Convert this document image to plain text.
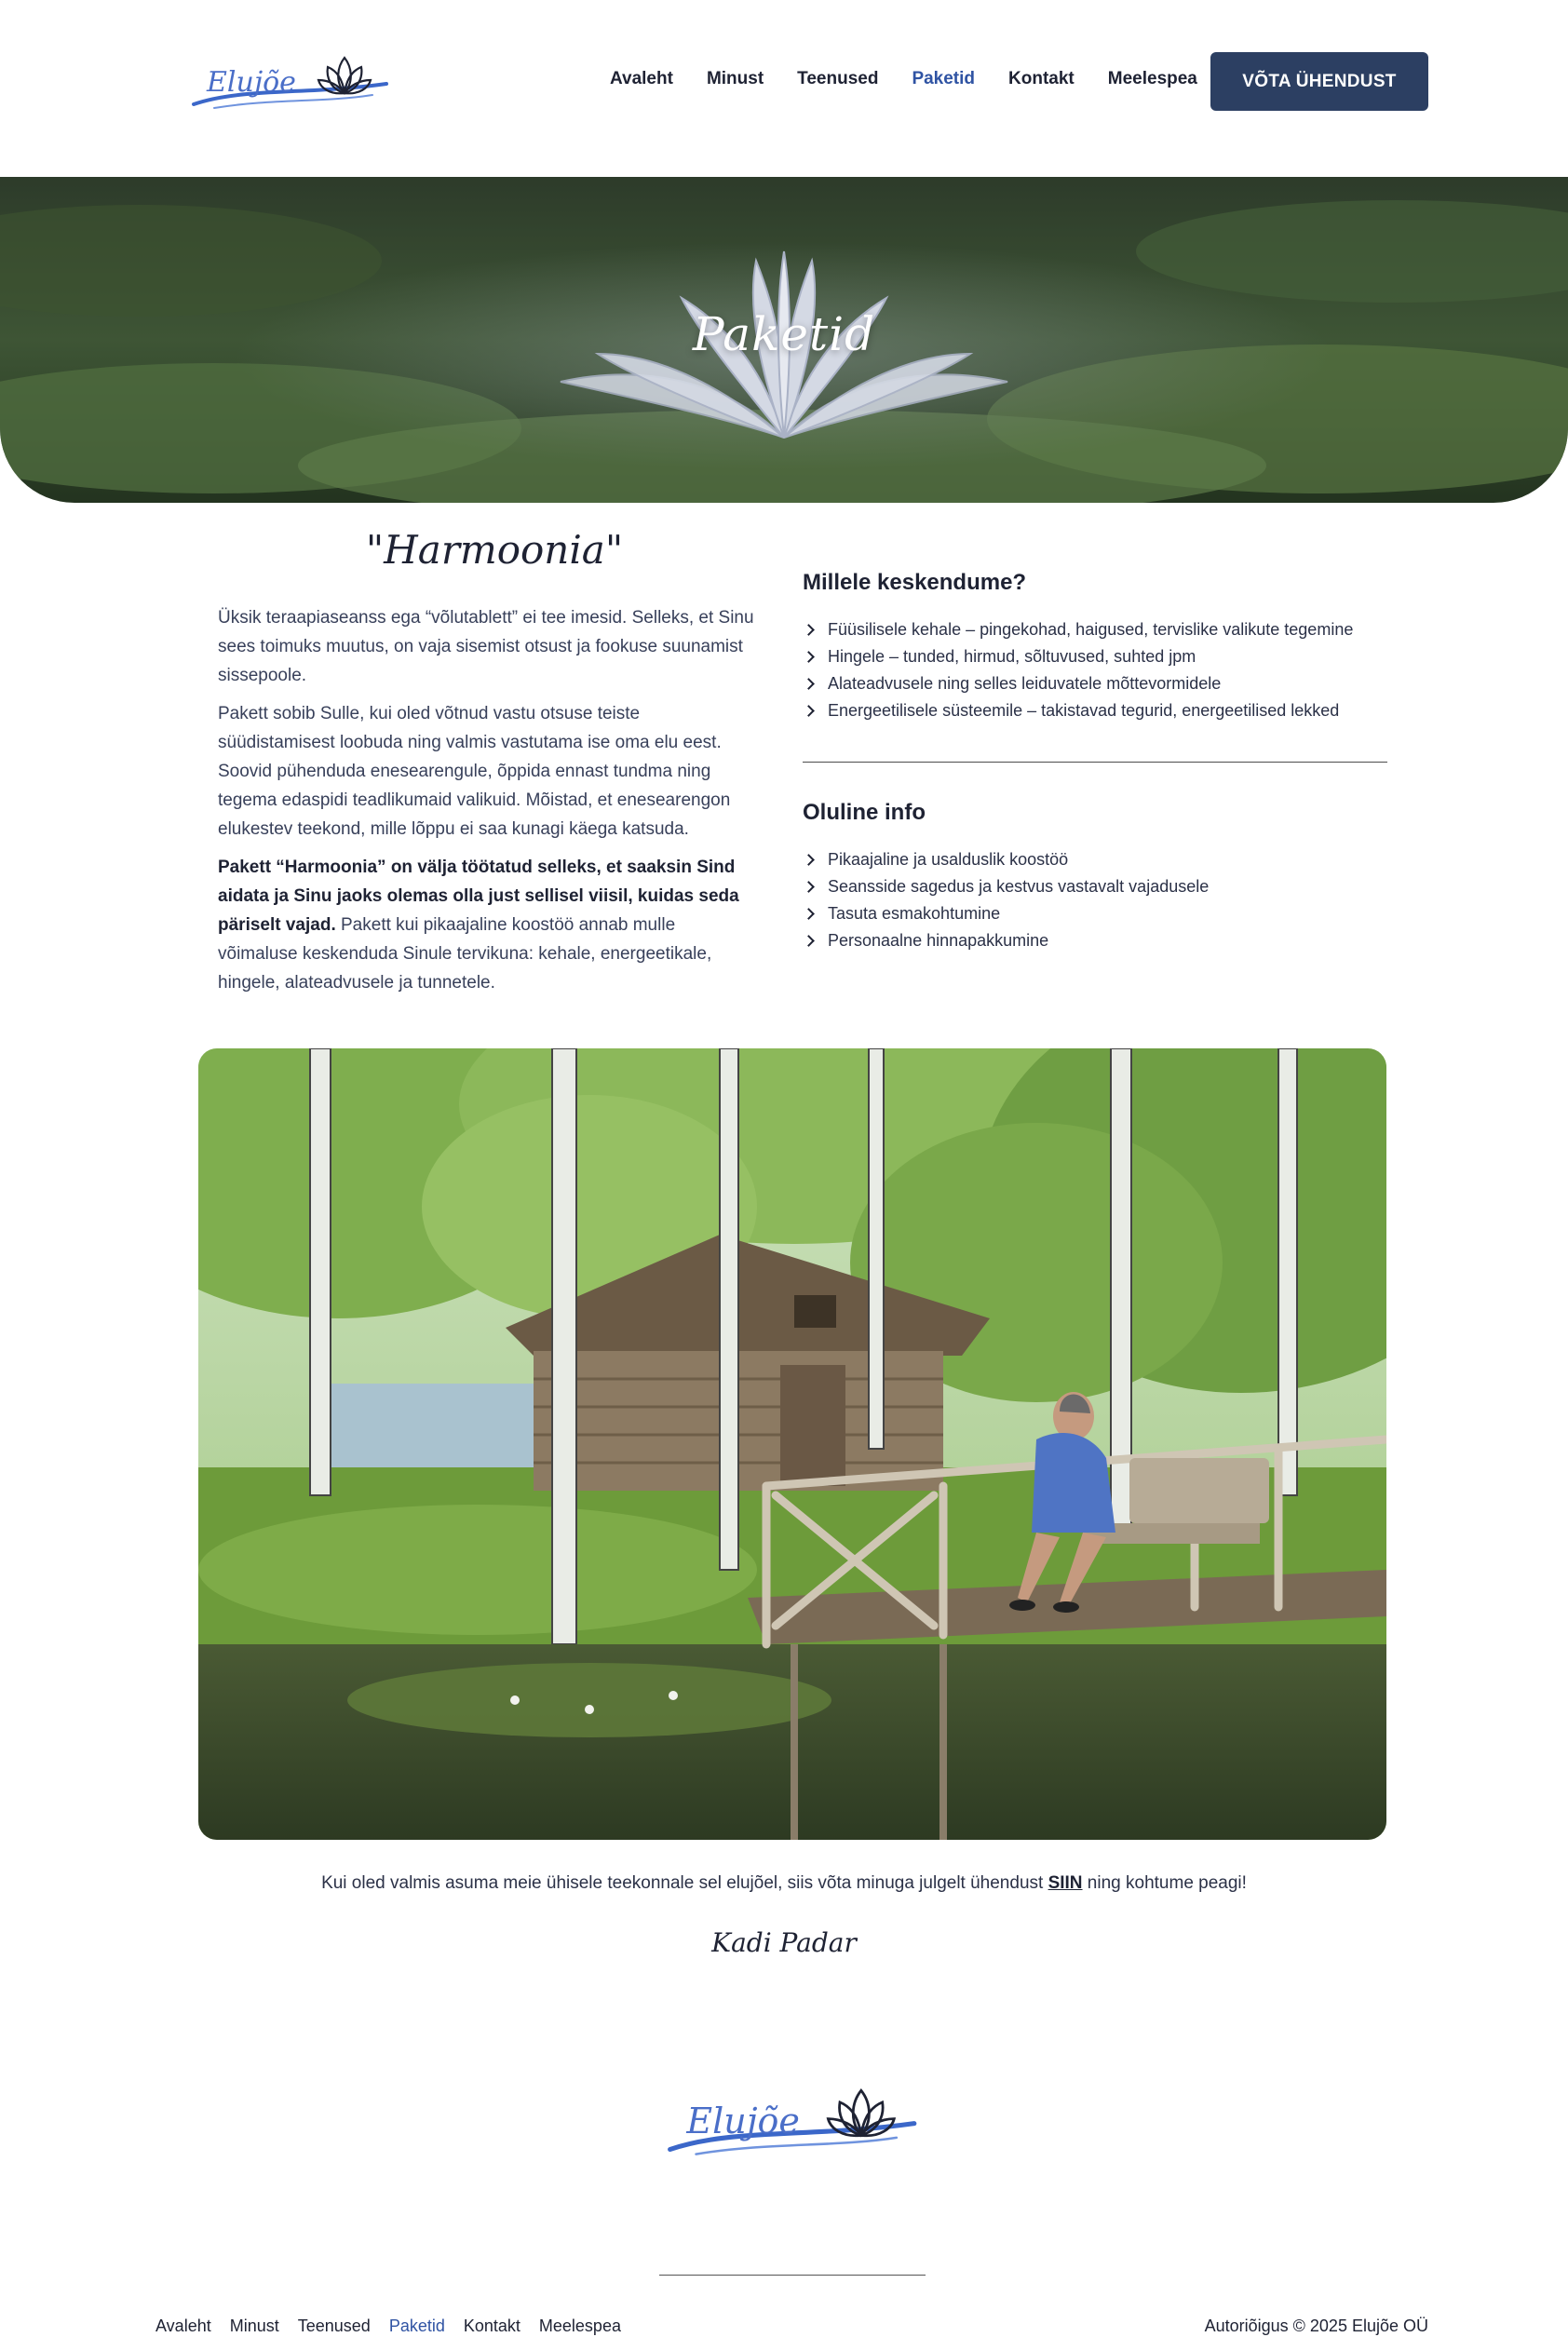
Elujõe	Avaleht Minust Teenused Paketid Kontakt Meelespea	VÕTA ÜHENDUST
Paketid
"Harmoonia"

Üksik teraapiaseanss ega “võlutablett” ei tee imesid. Selleks, et Sinu sees toimuks muutus, on vaja sisemist otsust ja fookuse suunamist sissepoole.

Pakett sobib Sulle, kui oled võtnud vastu otsuse teiste süüdistamisest loobuda ning valmis vastutama ise oma elu eest. Soovid pühenduda enesearengule, õppida ennast tundma ning tegema edaspidi teadlikumaid valikuid. Mõistad, et enesearengon elukestev teekond, mille lõppu ei saa kunagi käega katsuda.

Pakett “Harmoonia” on välja töötatud selleks, et saaksin Sind aidata ja Sinu jaoks olemas olla just sellisel viisil, kuidas seda päriselt vajad. Pakett kui pikaajaline koostöö annab mulle võimaluse keskenduda Sinule tervikuna: kehale, energeetikale, hingele, alateadvusele ja tunnetele.

Millele keskendume?
Füüsilisele kehale – pingekohad, haigused, tervislike valikute tegemine
Hingele – tunded, hirmud, sõltuvused, suhted jpm
Alateadvusele ning selles leiduvatele mõttevormidele
Energeetilisele süsteemile – takistavad tegurid, energeetilised lekked
Oluline info
Pikaajaline ja usalduslik koostöö
Seansside sagedus ja kestvus vastavalt vajadusele
Tasuta esmakohtumine
Personaalne hinnapakkumine
Kui oled valmis asuma meie ühisele teekonnale sel elujõel, siis võta minuga julgelt ühendust SIIN ning kohtume peagi!
Kadi Padar
Elujõe
Avaleht Minust Teenused Paketid Kontakt Meelespea	Autoriõigus © 2025 Elujõe OÜ
